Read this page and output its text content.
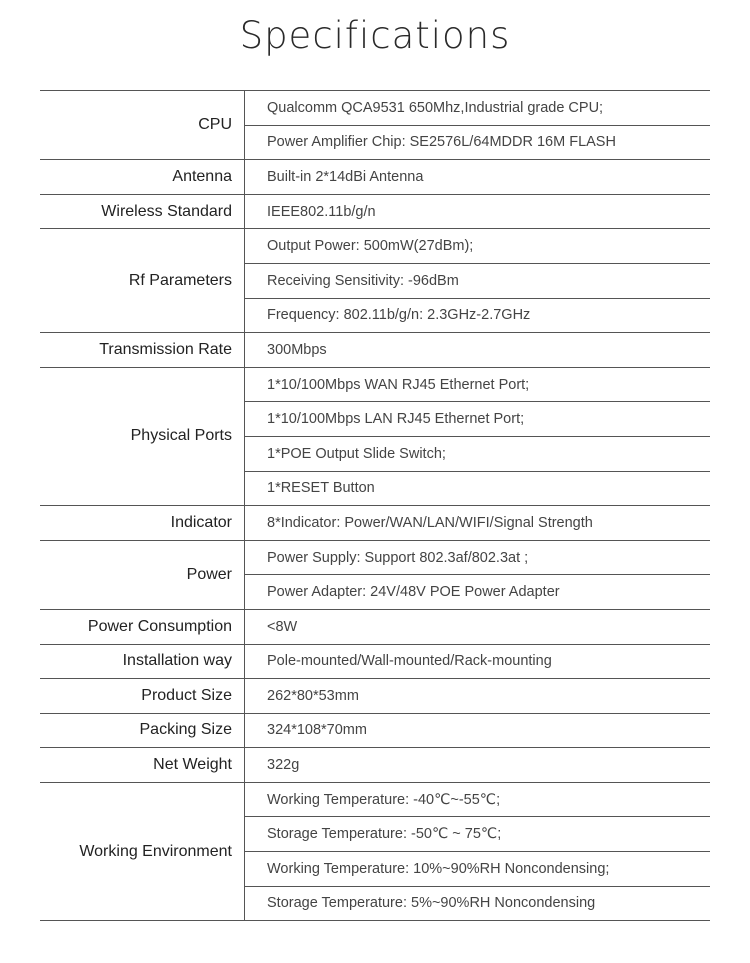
Specifications
CPU	Qualcomm QCA9531 650Mhz,Industrial grade CPU;
	Power Amplifier Chip: SE2576L/64MDDR 16M FLASH
Antenna	Built-in 2*14dBi Antenna
Wireless Standard	IEEE802.11b/g/n
Rf Parameters	Output Power: 500mW(27dBm);
	Receiving Sensitivity: -96dBm
	Frequency: 802.11b/g/n: 2.3GHz-2.7GHz
Transmission Rate	300Mbps
Physical Ports	1*10/100Mbps WAN RJ45 Ethernet Port;
	1*10/100Mbps LAN RJ45 Ethernet Port;
	1*POE Output Slide Switch;
	1*RESET Button
Indicator	8*Indicator: Power/WAN/LAN/WIFI/Signal Strength
Power	Power Supply: Support 802.3af/802.3at ;
	Power Adapter: 24V/48V POE Power Adapter
Power Consumption	<8W
Installation way	Pole-mounted/Wall-mounted/Rack-mounting
Product Size	262*80*53mm
Packing Size	324*108*70mm
Net Weight	322g
Working Environment	Working Temperature: -40℃~-55℃;
	Storage Temperature: -50℃ ~ 75℃;
	Working Temperature: 10%~90%RH Noncondensing;
	Storage Temperature: 5%~90%RH Noncondensing
